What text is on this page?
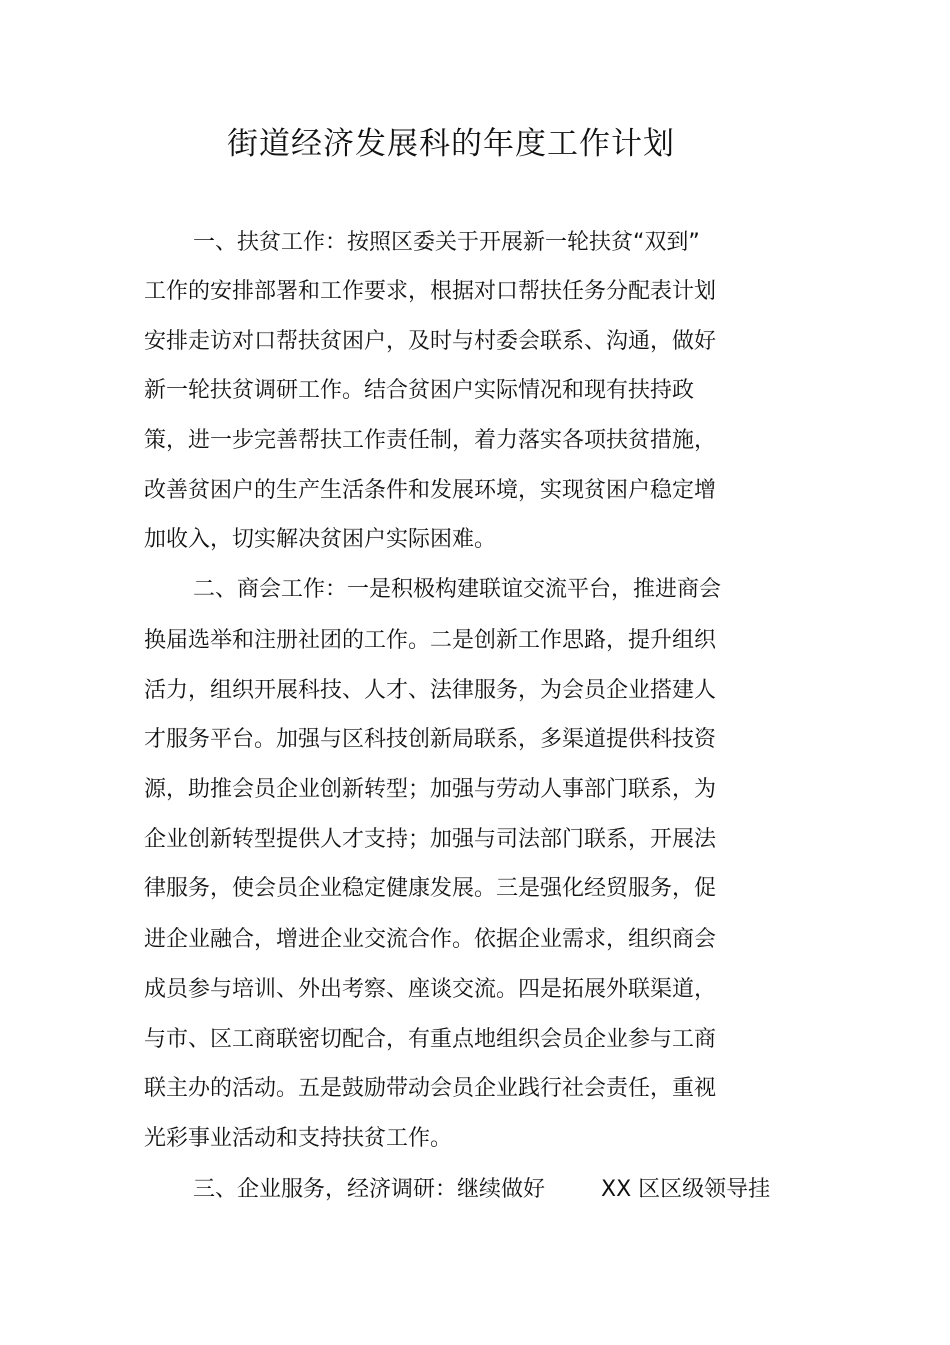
街道经济发展科的年度工作计划
一、扶贫工作：按照区委关于开展新一轮扶贫“双到”
工作的安排部署和工作要求，根据对口帮扶任务分配表计划
安排走访对口帮扶贫困户，及时与村委会联系、沟通，做好
新一轮扶贫调研工作。结合贫困户实际情况和现有扶持政
策，进一步完善帮扶工作责任制，着力落实各项扶贫措施，
改善贫困户的生产生活条件和发展环境，实现贫困户稳定增
加收入，切实解决贫困户实际困难。
二、商会工作：一是积极构建联谊交流平台，推进商会
换届选举和注册社团的工作。二是创新工作思路，提升组织
活力，组织开展科技、人才、法律服务，为会员企业搭建人
才服务平台。加强与区科技创新局联系，多渠道提供科技资
源，助推会员企业创新转型；加强与劳动人事部门联系，为
企业创新转型提供人才支持；加强与司法部门联系，开展法
律服务，使会员企业稳定健康发展。三是强化经贸服务，促
进企业融合，增进企业交流合作。依据企业需求，组织商会
成员参与培训、外出考察、座谈交流。四是拓展外联渠道，
与市、区工商联密切配合，有重点地组织会员企业参与工商
联主办的活动。五是鼓励带动会员企业践行社会责任，重视
光彩事业活动和支持扶贫工作。
三、企业服务，经济调研：继续做好	XX 区区级领导挂
